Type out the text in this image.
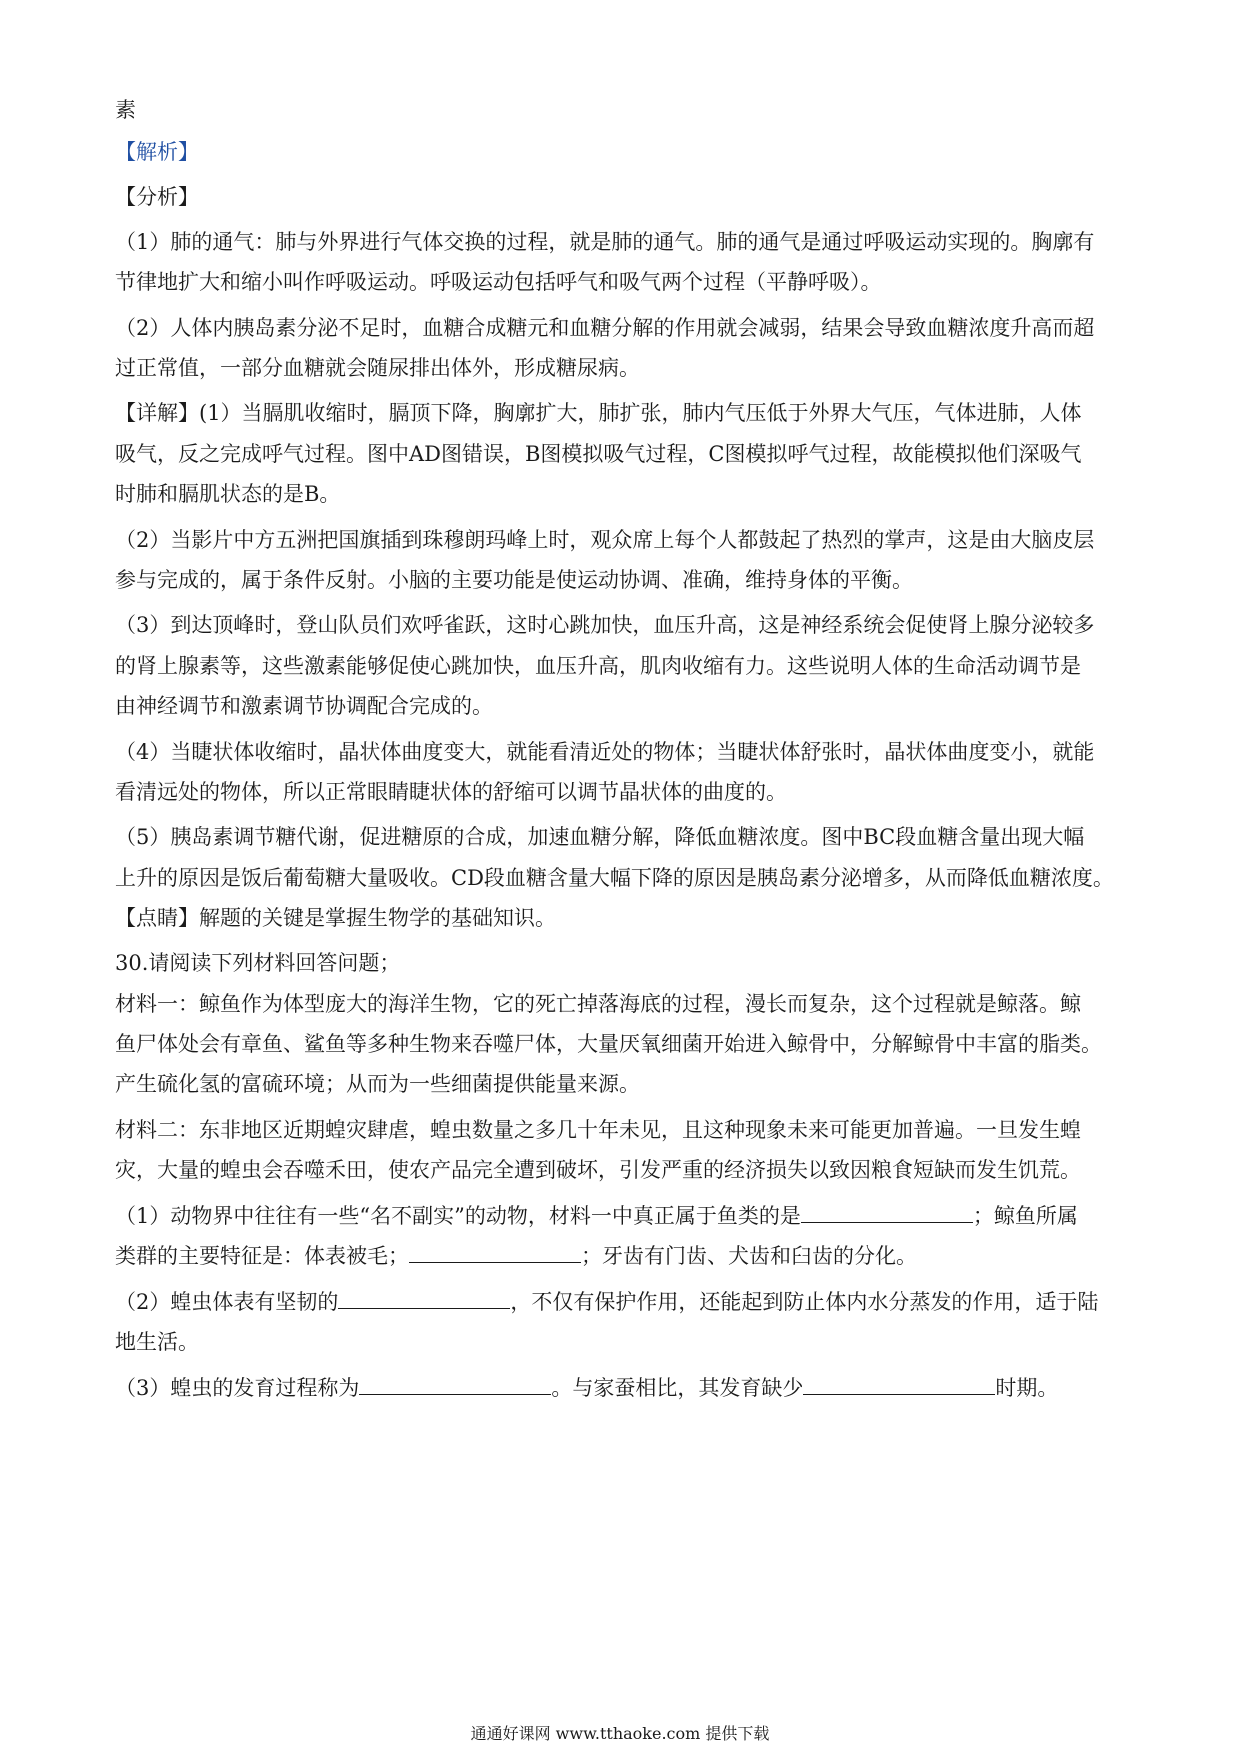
素
【解析】
【分析】
（1）肺的通气：肺与外界进行气体交换的过程，就是肺的通气。肺的通气是通过呼吸运动实现的。胸廓有
节律地扩大和缩小叫作呼吸运动。呼吸运动包括呼气和吸气两个过程（平静呼吸）。
（2）人体内胰岛素分泌不足时，血糖合成糖元和血糖分解的作用就会减弱，结果会导致血糖浓度升高而超
过正常值，一部分血糖就会随尿排出体外，形成糖尿病。
【详解】(1）当膈肌收缩时，膈顶下降，胸廓扩大，肺扩张，肺内气压低于外界大气压，气体进肺，人体
吸气，反之完成呼气过程。图中AD图错误，B图模拟吸气过程，C图模拟呼气过程，故能模拟他们深吸气
时肺和膈肌状态的是B。
（2）当影片中方五洲把国旗插到珠穆朗玛峰上时，观众席上每个人都鼓起了热烈的掌声，这是由大脑皮层
参与完成的，属于条件反射。小脑的主要功能是使运动协调、准确，维持身体的平衡。
（3）到达顶峰时，登山队员们欢呼雀跃，这时心跳加快，血压升高，这是神经系统会促使肾上腺分泌较多
的肾上腺素等，这些激素能够促使心跳加快，血压升高，肌肉收缩有力。这些说明人体的生命活动调节是
由神经调节和激素调节协调配合完成的。
（4）当睫状体收缩时，晶状体曲度变大，就能看清近处的物体；当睫状体舒张时，晶状体曲度变小，就能
看清远处的物体，所以正常眼睛睫状体的舒缩可以调节晶状体的曲度的。
（5）胰岛素调节糖代谢，促进糖原的合成，加速血糖分解，降低血糖浓度。图中BC段血糖含量出现大幅
上升的原因是饭后葡萄糖大量吸收。CD段血糖含量大幅下降的原因是胰岛素分泌增多，从而降低血糖浓度。
【点睛】解题的关键是掌握生物学的基础知识。
30.请阅读下列材料回答问题；
材料一：鲸鱼作为体型庞大的海洋生物，它的死亡掉落海底的过程，漫长而复杂，这个过程就是鲸落。鲸
鱼尸体处会有章鱼、鲨鱼等多种生物来吞噬尸体，大量厌氧细菌开始进入鲸骨中，分解鲸骨中丰富的脂类。
产生硫化氢的富硫环境；从而为一些细菌提供能量来源。
材料二：东非地区近期蝗灾肆虐，蝗虫数量之多几十年未见，且这种现象未来可能更加普遍。一旦发生蝗
灾，大量的蝗虫会吞噬禾田，使农产品完全遭到破坏，引发严重的经济损失以致因粮食短缺而发生饥荒。
（1）动物界中往往有一些“名不副实”的动物，材料一中真正属于鱼类的是	；鲸鱼所属
类群的主要特征是：体表被毛；	；牙齿有门齿、犬齿和臼齿的分化。
（2）蝗虫体表有坚韧的	，不仅有保护作用，还能起到防止体内水分蒸发的作用，适于陆
地生活。
（3）蝗虫的发育过程称为	。与家蚕相比，其发育缺少	时期。
通通好课网 www.tthaoke.com 提供下载
